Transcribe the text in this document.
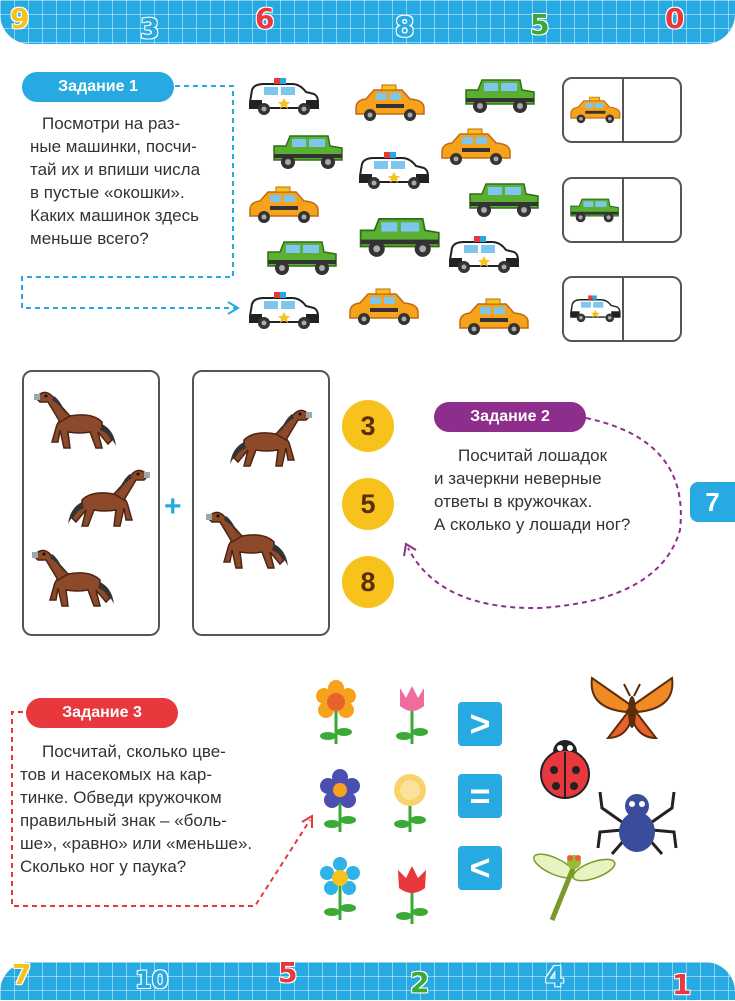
9	3	6	8	5	0
7	10	5	2	4	1
7
Задание 1
Посмотри на раз-
ные машинки, посчи-
тай их и впиши числа
в пустые «окошки».
Каких машинок здесь
меньше всего?
+
3
5
8
Задание 2
Посчитай лошадок
и зачеркни неверные
ответы в кружочках.
А сколько у лошади ног?
Задание 3
Посчитай, сколько цве-
тов и насекомых на кар-
тинке. Обведи кружочком
правильный знак – «боль-
ше», «равно» или «меньше».
Сколько ног у паука?
>
=
<
